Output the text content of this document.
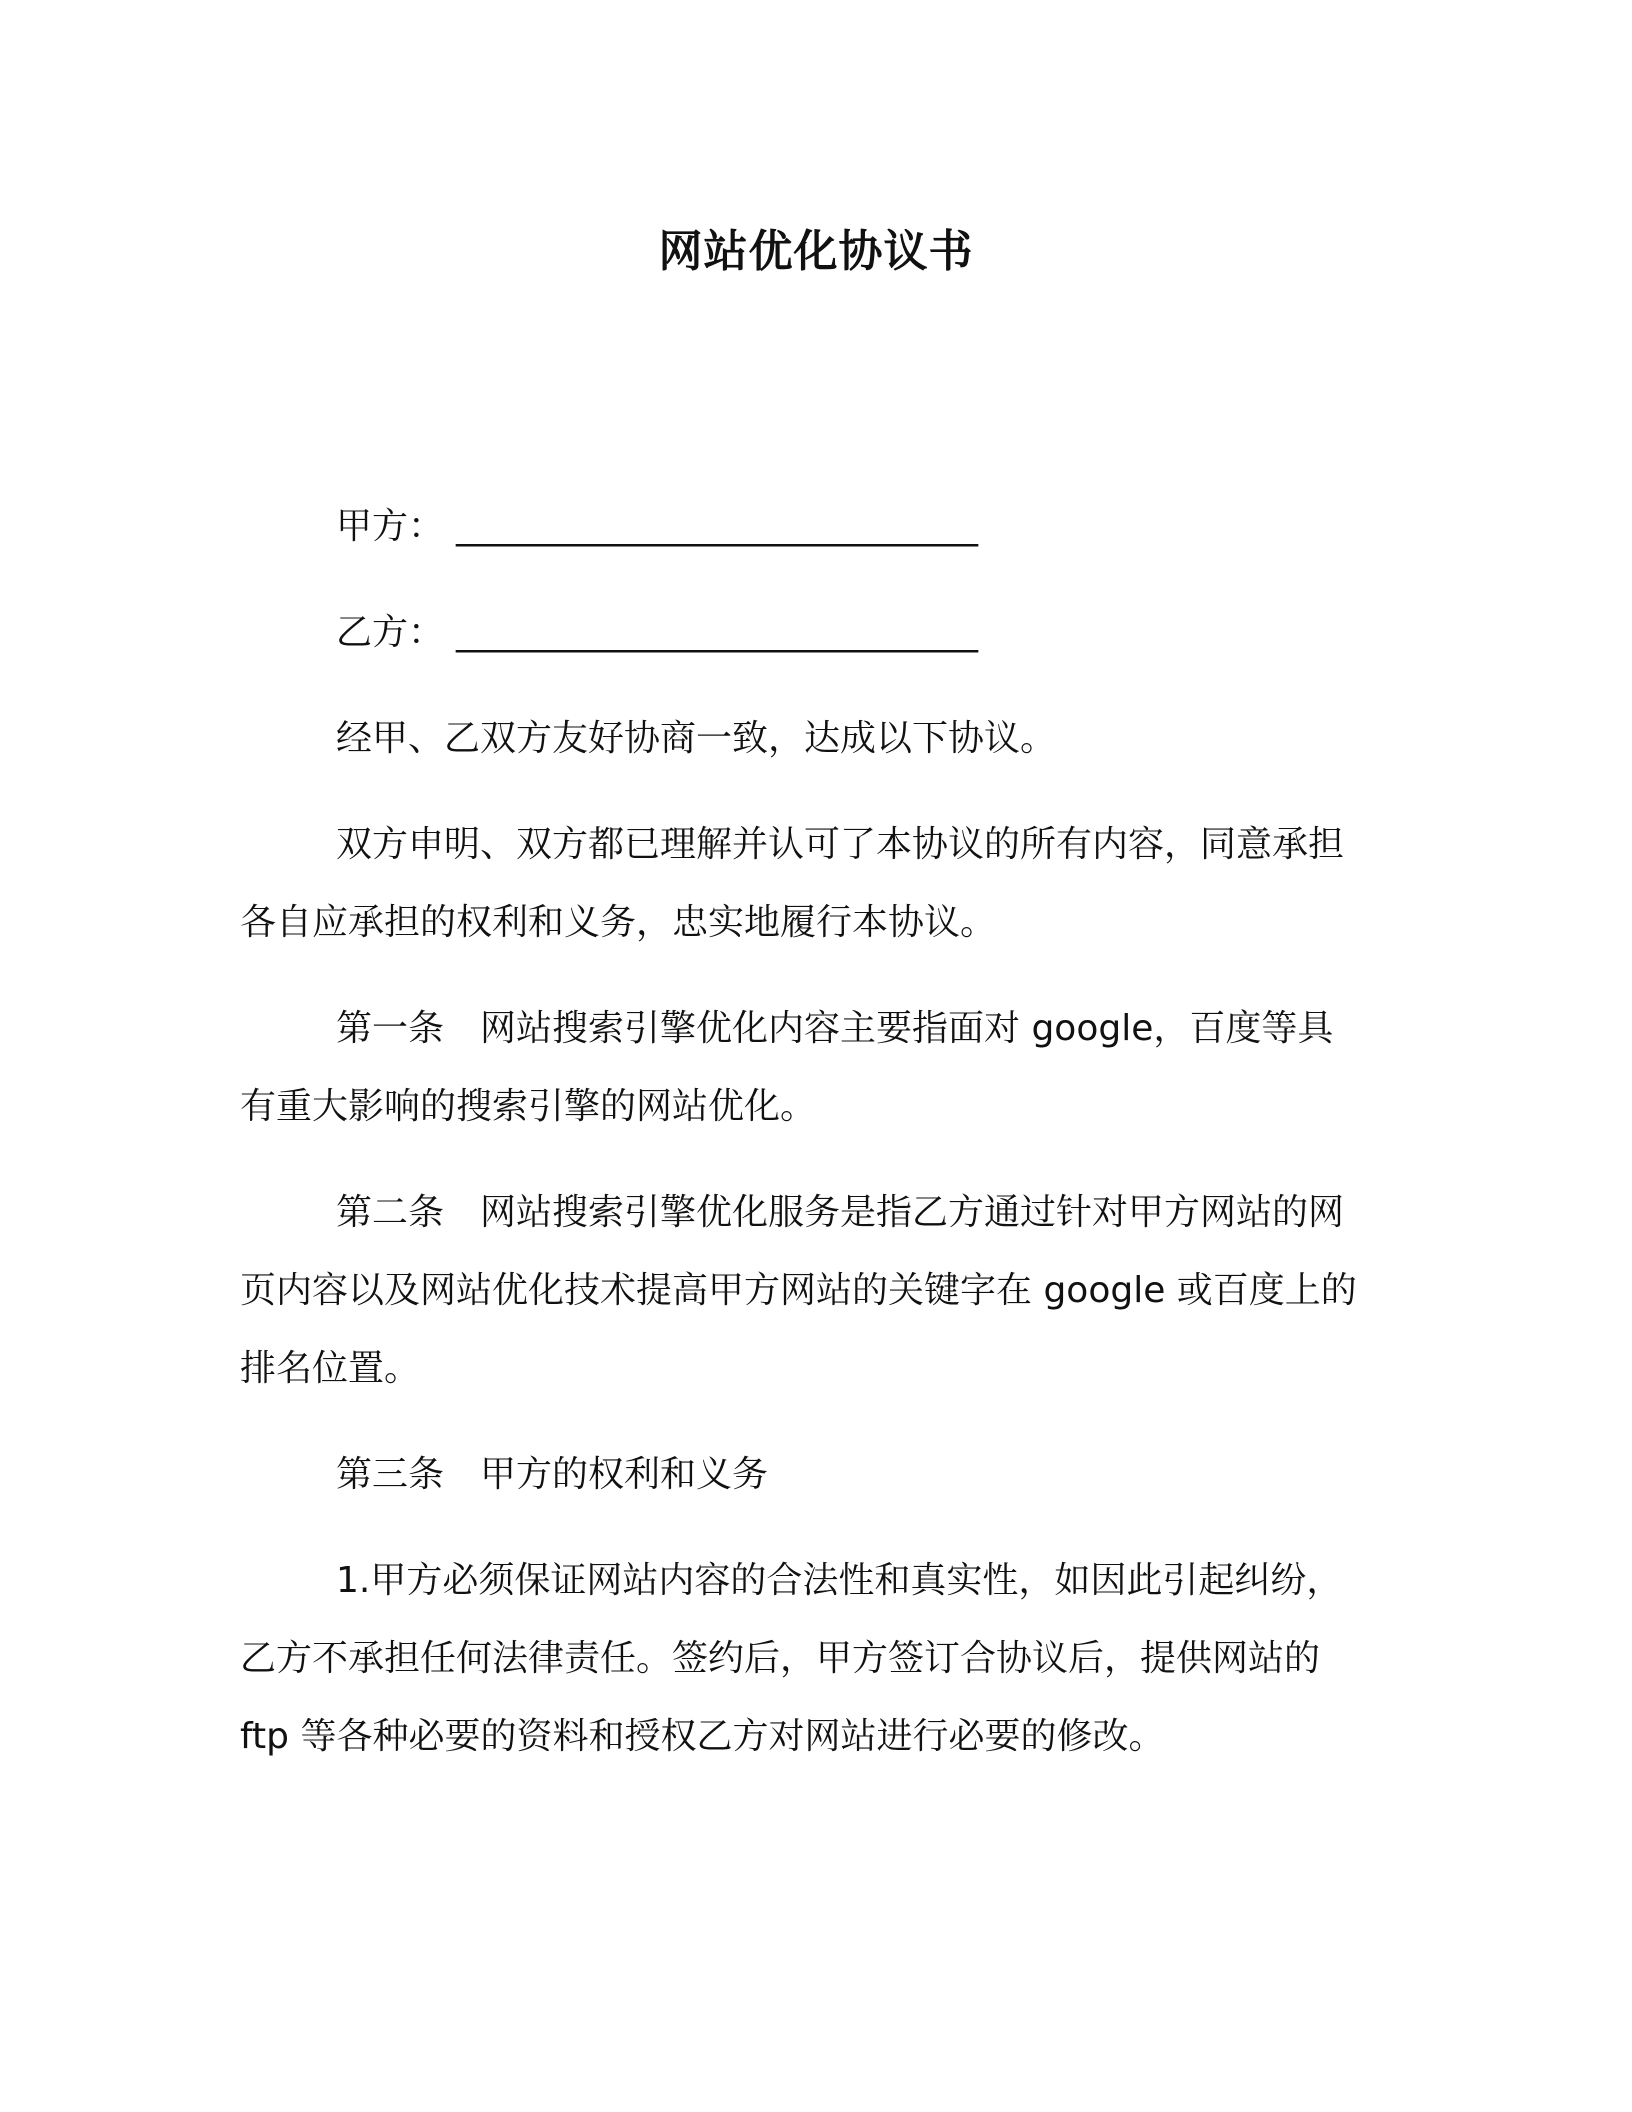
网站优化协议书
甲方： _____________________________
乙方： _____________________________
经甲、乙双方友好协商一致，达成以下协议。
双方申明、双方都已理解并认可了本协议的所有内容，同意承担
各自应承担的权利和义务，忠实地履行本协议。
第一条　网站搜索引擎优化内容主要指面对 google，百度等具
有重大影响的搜索引擎的网站优化。
第二条　网站搜索引擎优化服务是指乙方通过针对甲方网站的网
页内容以及网站优化技术提高甲方网站的关键字在 google 或百度上的
排名位置。
第三条　甲方的权利和义务
1.甲方必须保证网站内容的合法性和真实性，如因此引起纠纷，
乙方不承担任何法律责任。签约后，甲方签订合协议后，提供网站的
ftp 等各种必要的资料和授权乙方对网站进行必要的修改。
